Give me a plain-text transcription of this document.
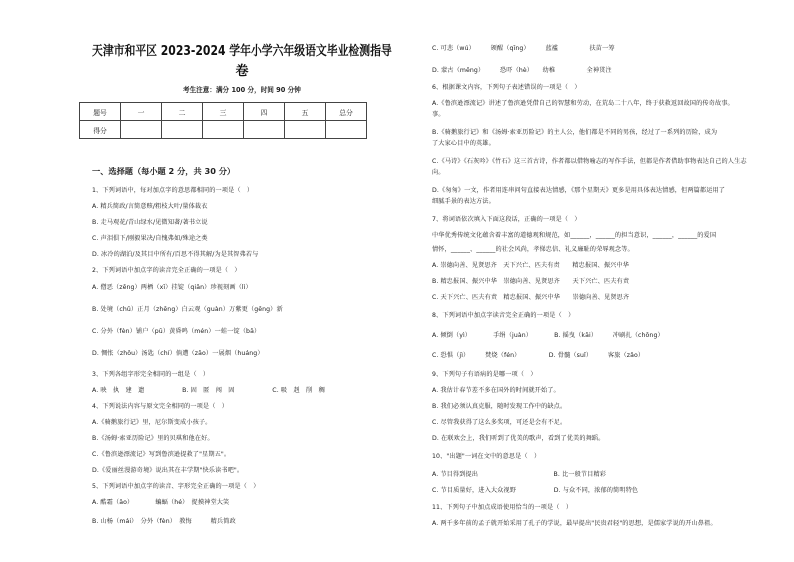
天津市和平区 2023-2024 学年小学六年级语文毕业检测指导
卷
考生注意：满分 100 分，时间 90 分钟
题号	一	二	三	四	五	总分
得分						
一、选择题（每小题 2 分，共 30 分）
1、下列词语中，每对加点字的意思都相同的一项是（　）
A. 精兵简政/言简意赅/粗枝大叶/量体裁衣
B. 走马观花/青山绿水/见微知著/著书立说
C. 声泪俱下/刚毅果决/自愧弗如/殊途之类
D. 冰冷的湖泊/及其目中所有/百思不得其解/为是其智弗若与
2、下列词语中加点字的读音完全正确的一项是（　）
A. 僧恶（zēng）两栖（xī）挂锭（qiān）珍视刻画（lì）
B. 处境（chǔ）正月（zhēng）白云观（guàn）万紫更（gēng）新
C. 分外（fèn）铺户（pū）黄昏鸣（mén）一蛙一锭（bā）
D. 惆怅（zhōu）汤匙（chí）倘遭（zāo）一展烟（huáng）
3、下列各组字形完全相同的一组是（　）
A. 映　执　建　遗　　　　　　B. 固　匿　闯　固　　　　　　C. 吸　赳　削　稠
4、下列说法内容与原文完全相同的一项是（　）
A.《骑鹅旅行记》里，尼尔斯变成小孩子。
B.《汤姆·索亚历险记》里的贝琪和他在好。
C.《鲁滨逊漂流记》写到鲁滨逊提救了"星期五"。
D.《爱丽丝漫游奇境》说出其在丰学期"快乐读书吧"。
5、下列词语中加点字的读音、字形完全正确的一项是（　）
A. 酷霜（āo）　　　　蝙蝠（hé）　捉摸神堂大笑
B. 山杨（mái）　分外（fèn）　教悔　　　精兵简政
C. 可悲（wú）　　　颁醒（qīng）　　　蓝褴　　　　　扶苗一筹
D. 蒙古（mēng）　　　恐吓（hè）　　幼稚　　　　　全神贯注
6、根据课文内容，下列句子表述错误的一项是（　）
A.《鲁滨逊漂流记》讲述了鲁滨逊凭借自己的智慧和劳动，在荒岛二十八年，终于获救返回故国的传奇故事。
事。
B.《骑鹅旅行记》和《汤姆·索亚历险记》的主人公，他们都是不同的男孩，经过了一系列的历险，成为
了大家心目中的英雄。
C.《马诗》《石灰吟》《竹石》这三首古诗，作者都以借物喻志的写作手法，但都是作者借助事物表达自己的人生志
向。
D.《匆匆》一文，作者用连串问句直接表达情感，《那个星期天》更多是用具体表达情感，但两篇都运用了
细腻手景的表达方法。
7、将词语依次填入下面这段话，正确的一项是（　）
中华优秀传统文化蕴含着丰富的道德观和规范，如______，______的担当意识，______，______的爱国
情怀，______、______的社会风尚，孝悌忠信、礼义廉耻的荣辱观念等。
A. 崇德向善、见贤思齐　天下兴亡、匹夫有责　　精忠报国、振兴中华
B. 精忠报国、振兴中华　崇德向善、见贤思齐　　天下兴亡、匹夫有责
C. 天下兴亡、匹夫有责　精忠报国、振兴中华　　崇德向善、见贤思齐
8、下列词语中加点字读音完全正确的一项是（　）
A. 倾倒（yì）　　　　手绢（juàn）　　　　B. 摇曳（kāi）　　　冲刷扎（chōng）
C. 恐惧（jì）　　　焚烧（fén）　　　　　D. 骨髓（suǐ）　　　客旅（zǎo）
9、下列句子有语病的是哪一项（　）
A. 我估计春节差不多在国外的时间就开始了。
B. 我们必须认真克服，随时发现工作中的缺点。
C. 尽管我获得了这么多奖项，可还是会有不足。
D. 在联欢会上，我们听到了优美的歌声，看到了优美的舞蹈。
10、"出题"一词在文中的意思是（　）
A. 节目得到提出　　　　　　　　　　　　B. 比一般节目精彩
C. 节目质量好，进入大众视野　　　　　　D. 与众不同，浓郁的简明特色
11、下列句子中加点成语使用恰当的一项是（　）
A. 两千多年前的孟子就开始采用了孔子的学说，最早提出"民贵君轻"的思想，是儒家学说的开山鼻祖。
